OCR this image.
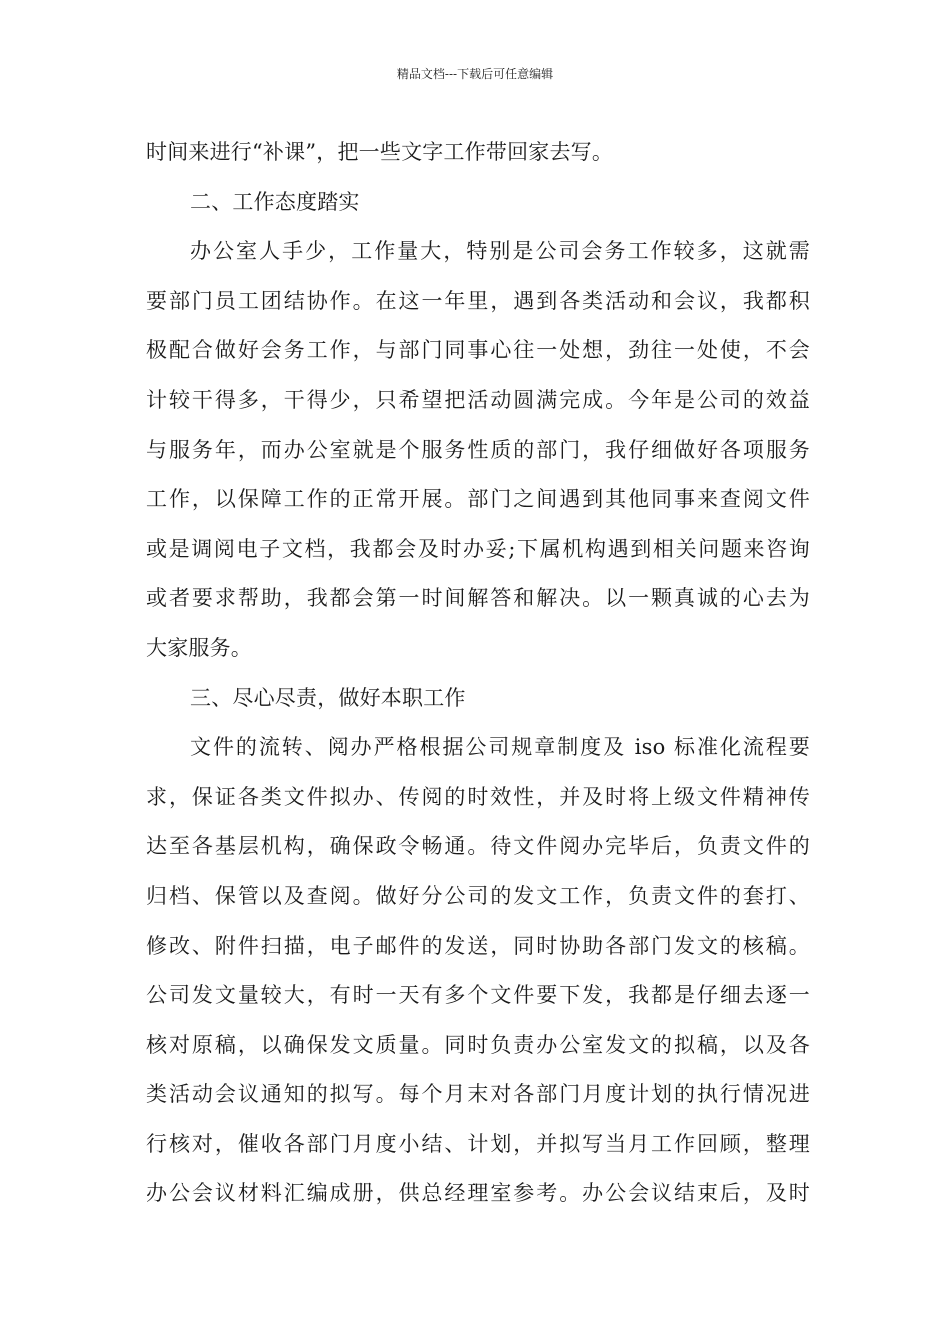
精品文档---下载后可任意编辑
时间来进行“补课”，把一些文字工作带回家去写。
二、工作态度踏实
办公室人手少，工作量大，特别是公司会务工作较多，这就需
要部门员工团结协作。在这一年里，遇到各类活动和会议，我都积
极配合做好会务工作，与部门同事心往一处想，劲往一处使，不会
计较干得多，干得少，只希望把活动圆满完成。今年是公司的效益
与服务年，而办公室就是个服务性质的部门，我仔细做好各项服务
工作，以保障工作的正常开展。部门之间遇到其他同事来查阅文件
或是调阅电子文档，我都会及时办妥;下属机构遇到相关问题来咨询
或者要求帮助，我都会第一时间解答和解决。以一颗真诚的心去为
大家服务。
三、尽心尽责，做好本职工作
文件的流转、阅办严格根据公司规章制度及 iso 标准化流程要
求，保证各类文件拟办、传阅的时效性，并及时将上级文件精神传
达至各基层机构，确保政令畅通。待文件阅办完毕后，负责文件的
归档、保管以及查阅。做好分公司的发文工作，负责文件的套打、
修改、附件扫描，电子邮件的发送，同时协助各部门发文的核稿。
公司发文量较大，有时一天有多个文件要下发，我都是仔细去逐一
核对原稿，以确保发文质量。同时负责办公室发文的拟稿，以及各
类活动会议通知的拟写。每个月末对各部门月度计划的执行情况进
行核对，催收各部门月度小结、计划，并拟写当月工作回顾，整理
办公会议材料汇编成册，供总经理室参考。办公会议结束后，及时
